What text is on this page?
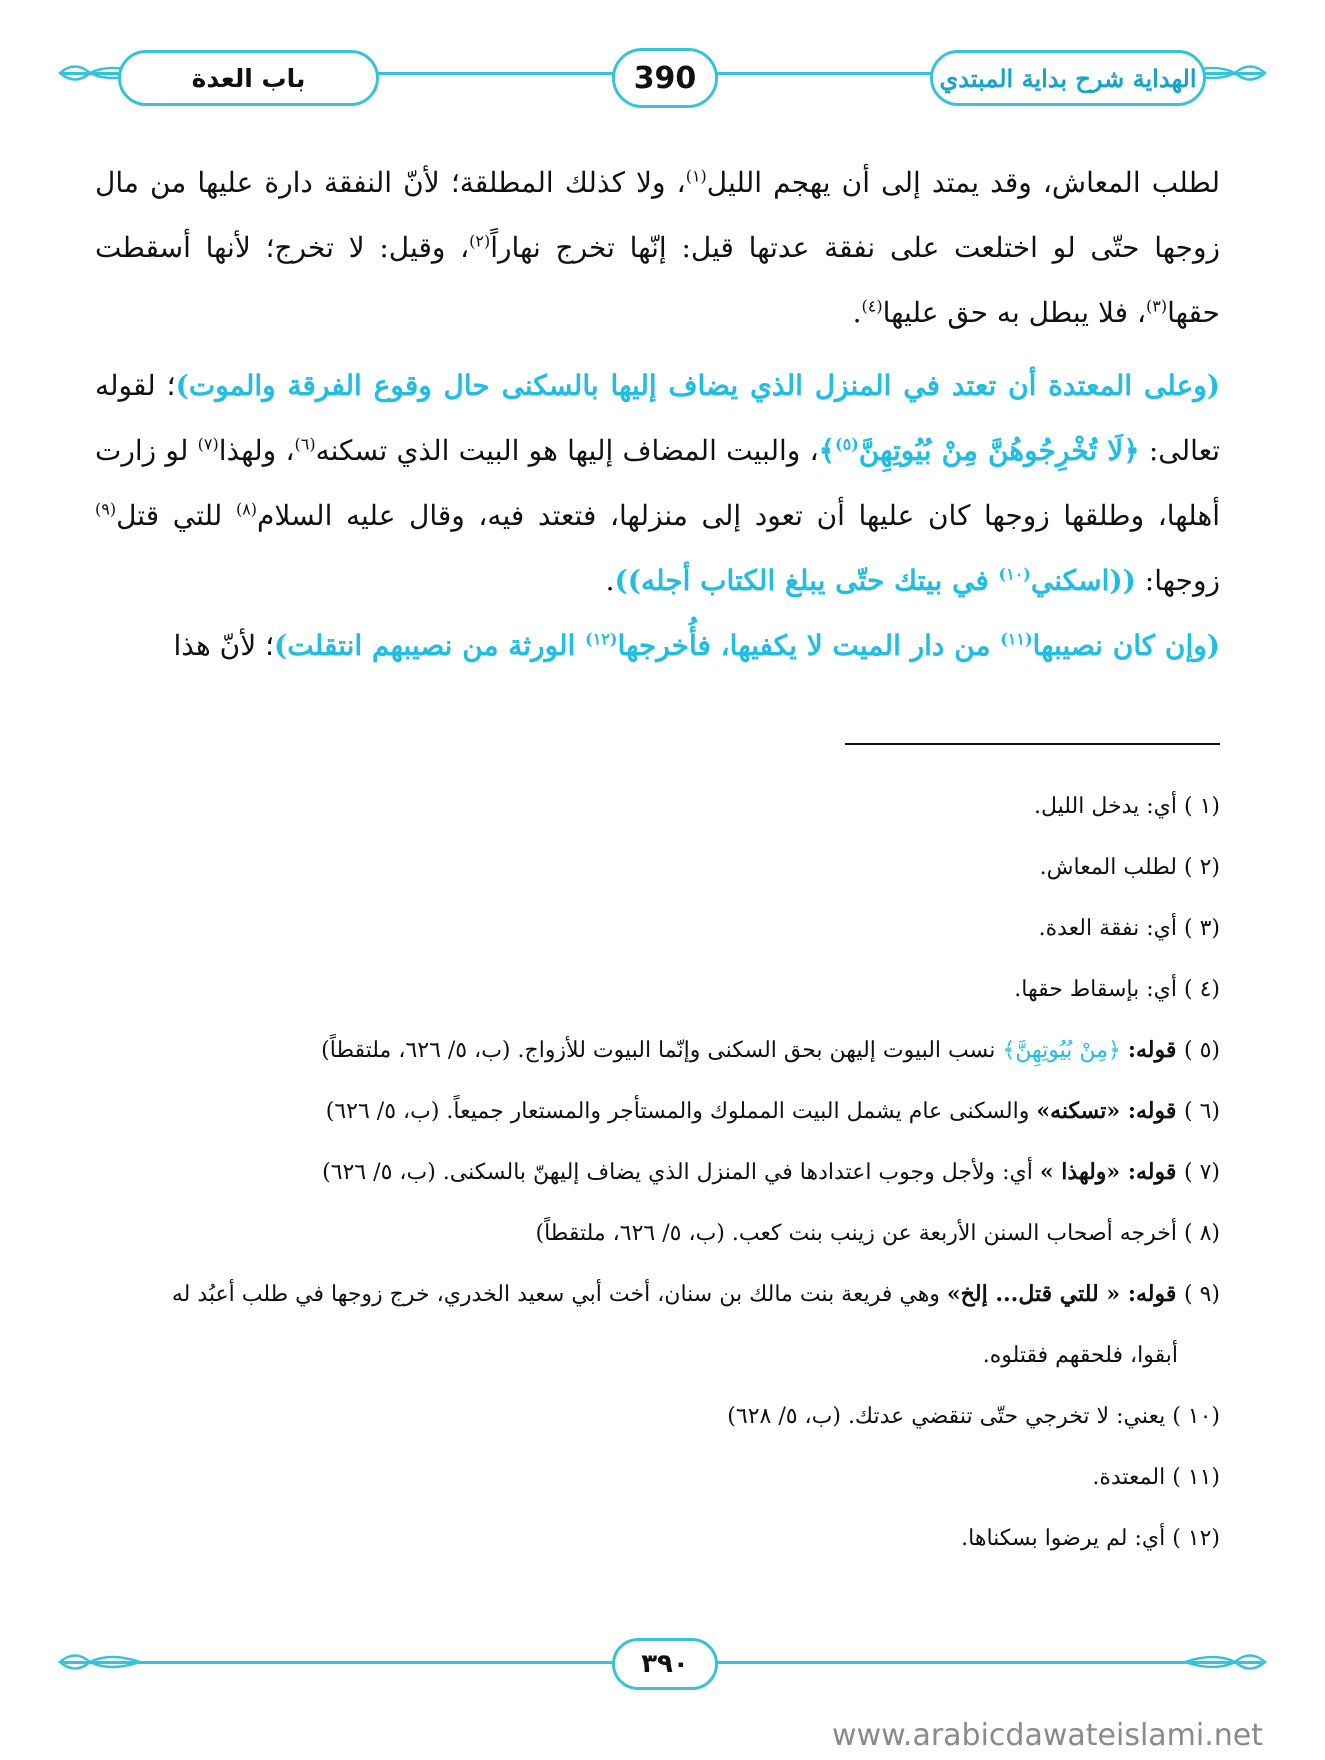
باب العدة	390	الهداية شرح بداية المبتدي

لطلب المعاش، وقد يمتد إلى أن يهجم الليل$^{(١)}$، ولا كذلك المطلقة؛ لأنّ النفقة دارة عليها من مال زوجها حتّى لو اختلعت على نفقة عدتها قيل: إنّها تخرج نهاراً$^{(٢)}$، وقيل: لا تخرج؛ لأنها أسقطت حقها$^{(٣)}$، فلا يبطل به حق عليها$^{(٤)}$.

(وعلى المعتدة أن تعتد في المنزل الذي يضاف إليها بالسكنى حال وقوع الفرقة والموت)؛ لقوله تعالى: ﴿لَا تُخْرِجُوهُنَّ مِنْ بُيُوتِهِنَّ$^{(٥)}$﴾، والبيت المضاف إليها هو البيت الذي تسكنه$^{(٦)}$، ولهذا$^{(٧)}$ لو زارت أهلها، وطلقها زوجها كان عليها أن تعود إلى منزلها، فتعتد فيه، وقال عليه السلام$^{(٨)}$ للتي قتل$^{(٩)}$ زوجها: ((اسكني$^{(١٠)}$ في بيتك حتّى يبلغ الكتاب أجله)).

(وإن كان نصيبها$^{(١١)}$ من دار الميت لا يكفيها، فأُخرجها$^{(١٢)}$ الورثة من نصيبهم انتقلت)؛ لأنّ هذا

(١ ) أي: يدخل الليل.

(٢ ) لطلب المعاش.

(٣ ) أي: نفقة العدة.

(٤ ) أي: بإسقاط حقها.

(٥ ) قوله: ﴿مِنْ بُيُوتِهِنَّ﴾ نسب البيوت إليهن بحق السكنى وإنّما البيوت للأزواج. (ب، ٥/ ٦٢٦، ملتقطاً)

(٦ ) قوله: «تسكنه» والسكنى عام يشمل البيت المملوك والمستأجر والمستعار جميعاً. (ب، ٥/ ٦٢٦)

(٧ ) قوله: «ولهذا » أي: ولأجل وجوب اعتدادها في المنزل الذي يضاف إليهنّ بالسكنى. (ب، ٥/ ٦٢٦)

(٨ ) أخرجه أصحاب السنن الأربعة عن زينب بنت كعب. (ب، ٥/ ٦٢٦، ملتقطاً)

(٩ ) قوله: « للتي قتل... إلخ» وهي فريعة بنت مالك بن سنان، أخت أبي سعيد الخدري، خرج زوجها في طلب أعبُد له

أبقوا، فلحقهم فقتلوه.

(١٠ ) يعني: لا تخرجي حتّى تنقضي عدتك. (ب، ٥/ ٦٢٨)

(١١ ) المعتدة.

(١٢ ) أي: لم يرضوا بسكناها.

٣٩٠
www.arabicdawateislami.net
